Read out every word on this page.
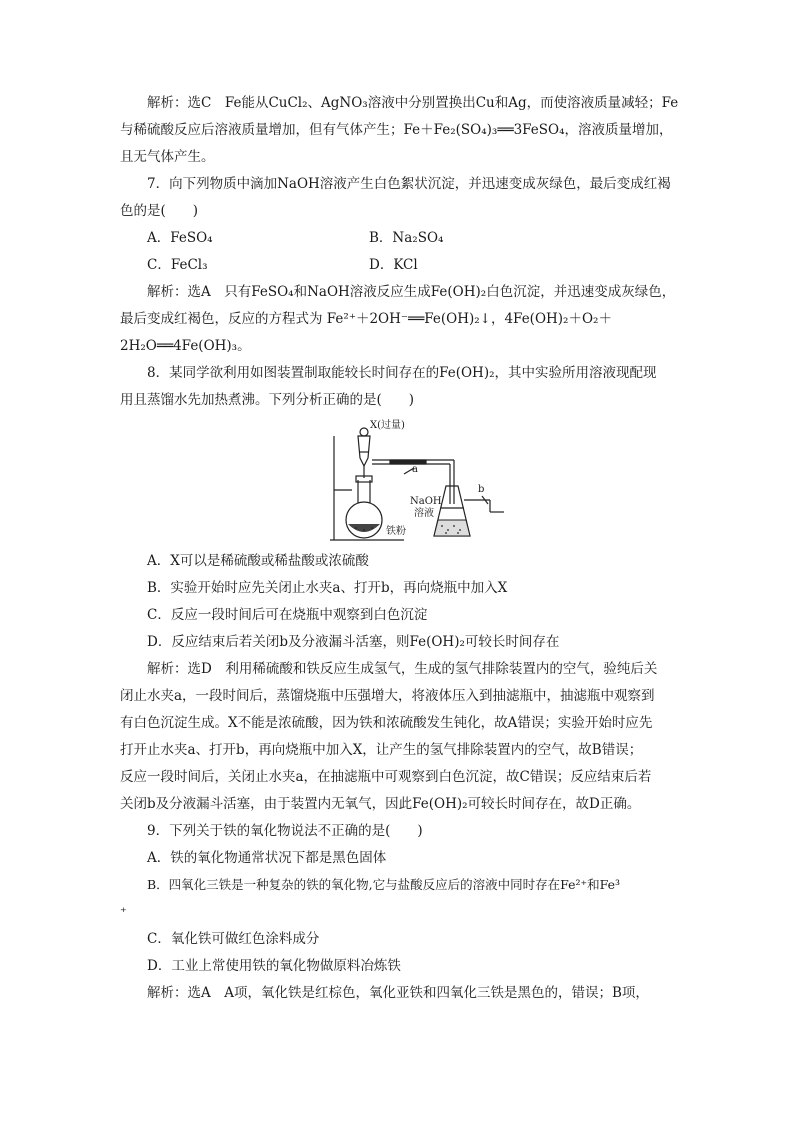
解析：选C　Fe能从CuCl₂、AgNO₃溶液中分别置换出Cu和Ag，而使溶液质量减轻；Fe
与稀硫酸反应后溶液质量增加，但有气体产生；Fe＋Fe₂(SO₄)₃══3FeSO₄，溶液质量增加，
且无气体产生。
7．向下列物质中滴加NaOH溶液产生白色絮状沉淀，并迅速变成灰绿色，最后变成红褐
色的是(　　)
A．FeSO₄	B．Na₂SO₄
C．FeCl₃	D．KCl
解析：选A　只有FeSO₄和NaOH溶液反应生成Fe(OH)₂白色沉淀，并迅速变成灰绿色，
最后变成红褐色，反应的方程式为 Fe²⁺＋2OH⁻══Fe(OH)₂↓，4Fe(OH)₂＋O₂＋
2H₂O══4Fe(OH)₃。
8．某同学欲利用如图装置制取能较长时间存在的Fe(OH)₂，其中实验所用溶液现配现
用且蒸馏水先加热煮沸。下列分析正确的是(　　)
X(过量)
a
b
NaOH
溶液
铁粉
A．X可以是稀硫酸或稀盐酸或浓硫酸
B．实验开始时应先关闭止水夹a、打开b，再向烧瓶中加入X
C．反应一段时间后可在烧瓶中观察到白色沉淀
D．反应结束后若关闭b及分液漏斗活塞，则Fe(OH)₂可较长时间存在
解析：选D　利用稀硫酸和铁反应生成氢气，生成的氢气排除装置内的空气，验纯后关
闭止水夹a，一段时间后，蒸馏烧瓶中压强增大，将液体压入到抽滤瓶中，抽滤瓶中观察到
有白色沉淀生成。X不能是浓硫酸，因为铁和浓硫酸发生钝化，故A错误；实验开始时应先
打开止水夹a、打开b，再向烧瓶中加入X，让产生的氢气排除装置内的空气，故B错误；
反应一段时间后，关闭止水夹a，在抽滤瓶中可观察到白色沉淀，故C错误；反应结束后若
关闭b及分液漏斗活塞，由于装置内无氧气，因此Fe(OH)₂可较长时间存在，故D正确。
9．下列关于铁的氧化物说法不正确的是(　　)
A．铁的氧化物通常状况下都是黑色固体
B．四氧化三铁是一种复杂的铁的氧化物,它与盐酸反应后的溶液中同时存在Fe²⁺和Fe³
⁺
C．氧化铁可做红色涂料成分
D．工业上常使用铁的氧化物做原料冶炼铁
解析：选A　A项，氧化铁是红棕色，氧化亚铁和四氧化三铁是黑色的，错误；B项，
